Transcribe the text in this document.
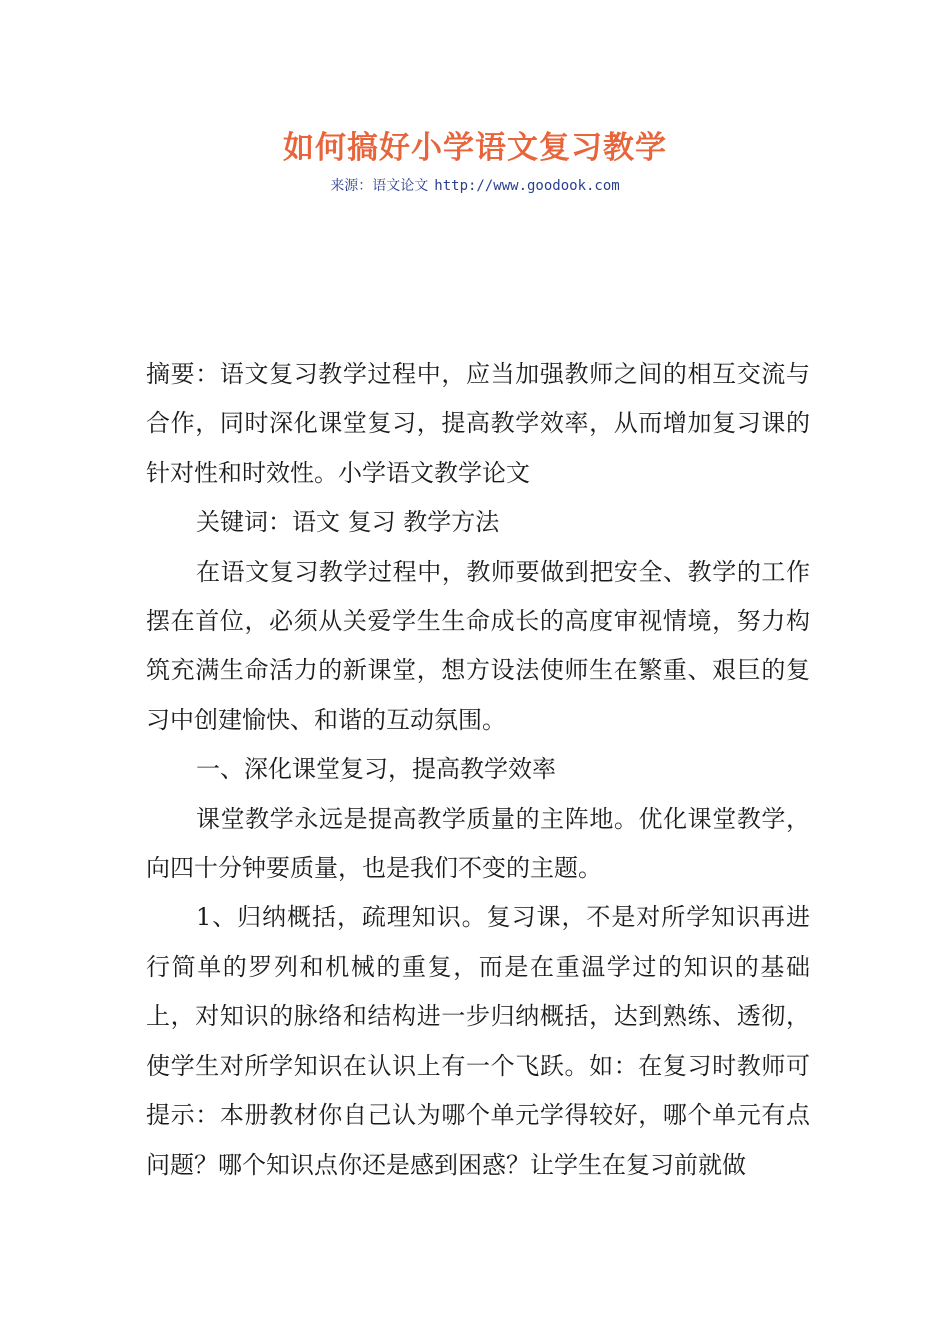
如何搞好小学语文复习教学
来源：语文论文 http://www.goodook.com

摘要：语文复习教学过程中，应当加强教师之间的相互交流与合作，同时深化课堂复习，提高教学效率，从而增加复习课的针对性和时效性。小学语文教学论文

关键词：语文 复习 教学方法

在语文复习教学过程中，教师要做到把安全、教学的工作摆在首位，必须从关爱学生生命成长的高度审视情境，努力构筑充满生命活力的新课堂，想方设法使师生在繁重、艰巨的复习中创建愉快、和谐的互动氛围。

一、深化课堂复习，提高教学效率

课堂教学永远是提高教学质量的主阵地。优化课堂教学，向四十分钟要质量，也是我们不变的主题。

1、归纳概括，疏理知识。复习课，不是对所学知识再进行简单的罗列和机械的重复，而是在重温学过的知识的基础上，对知识的脉络和结构进一步归纳概括，达到熟练、透彻，使学生对所学知识在认识上有一个飞跃。如：在复习时教师可提示：本册教材你自己认为哪个单元学得较好，哪个单元有点问题？哪个知识点你还是感到困惑？让学生在复习前就做
